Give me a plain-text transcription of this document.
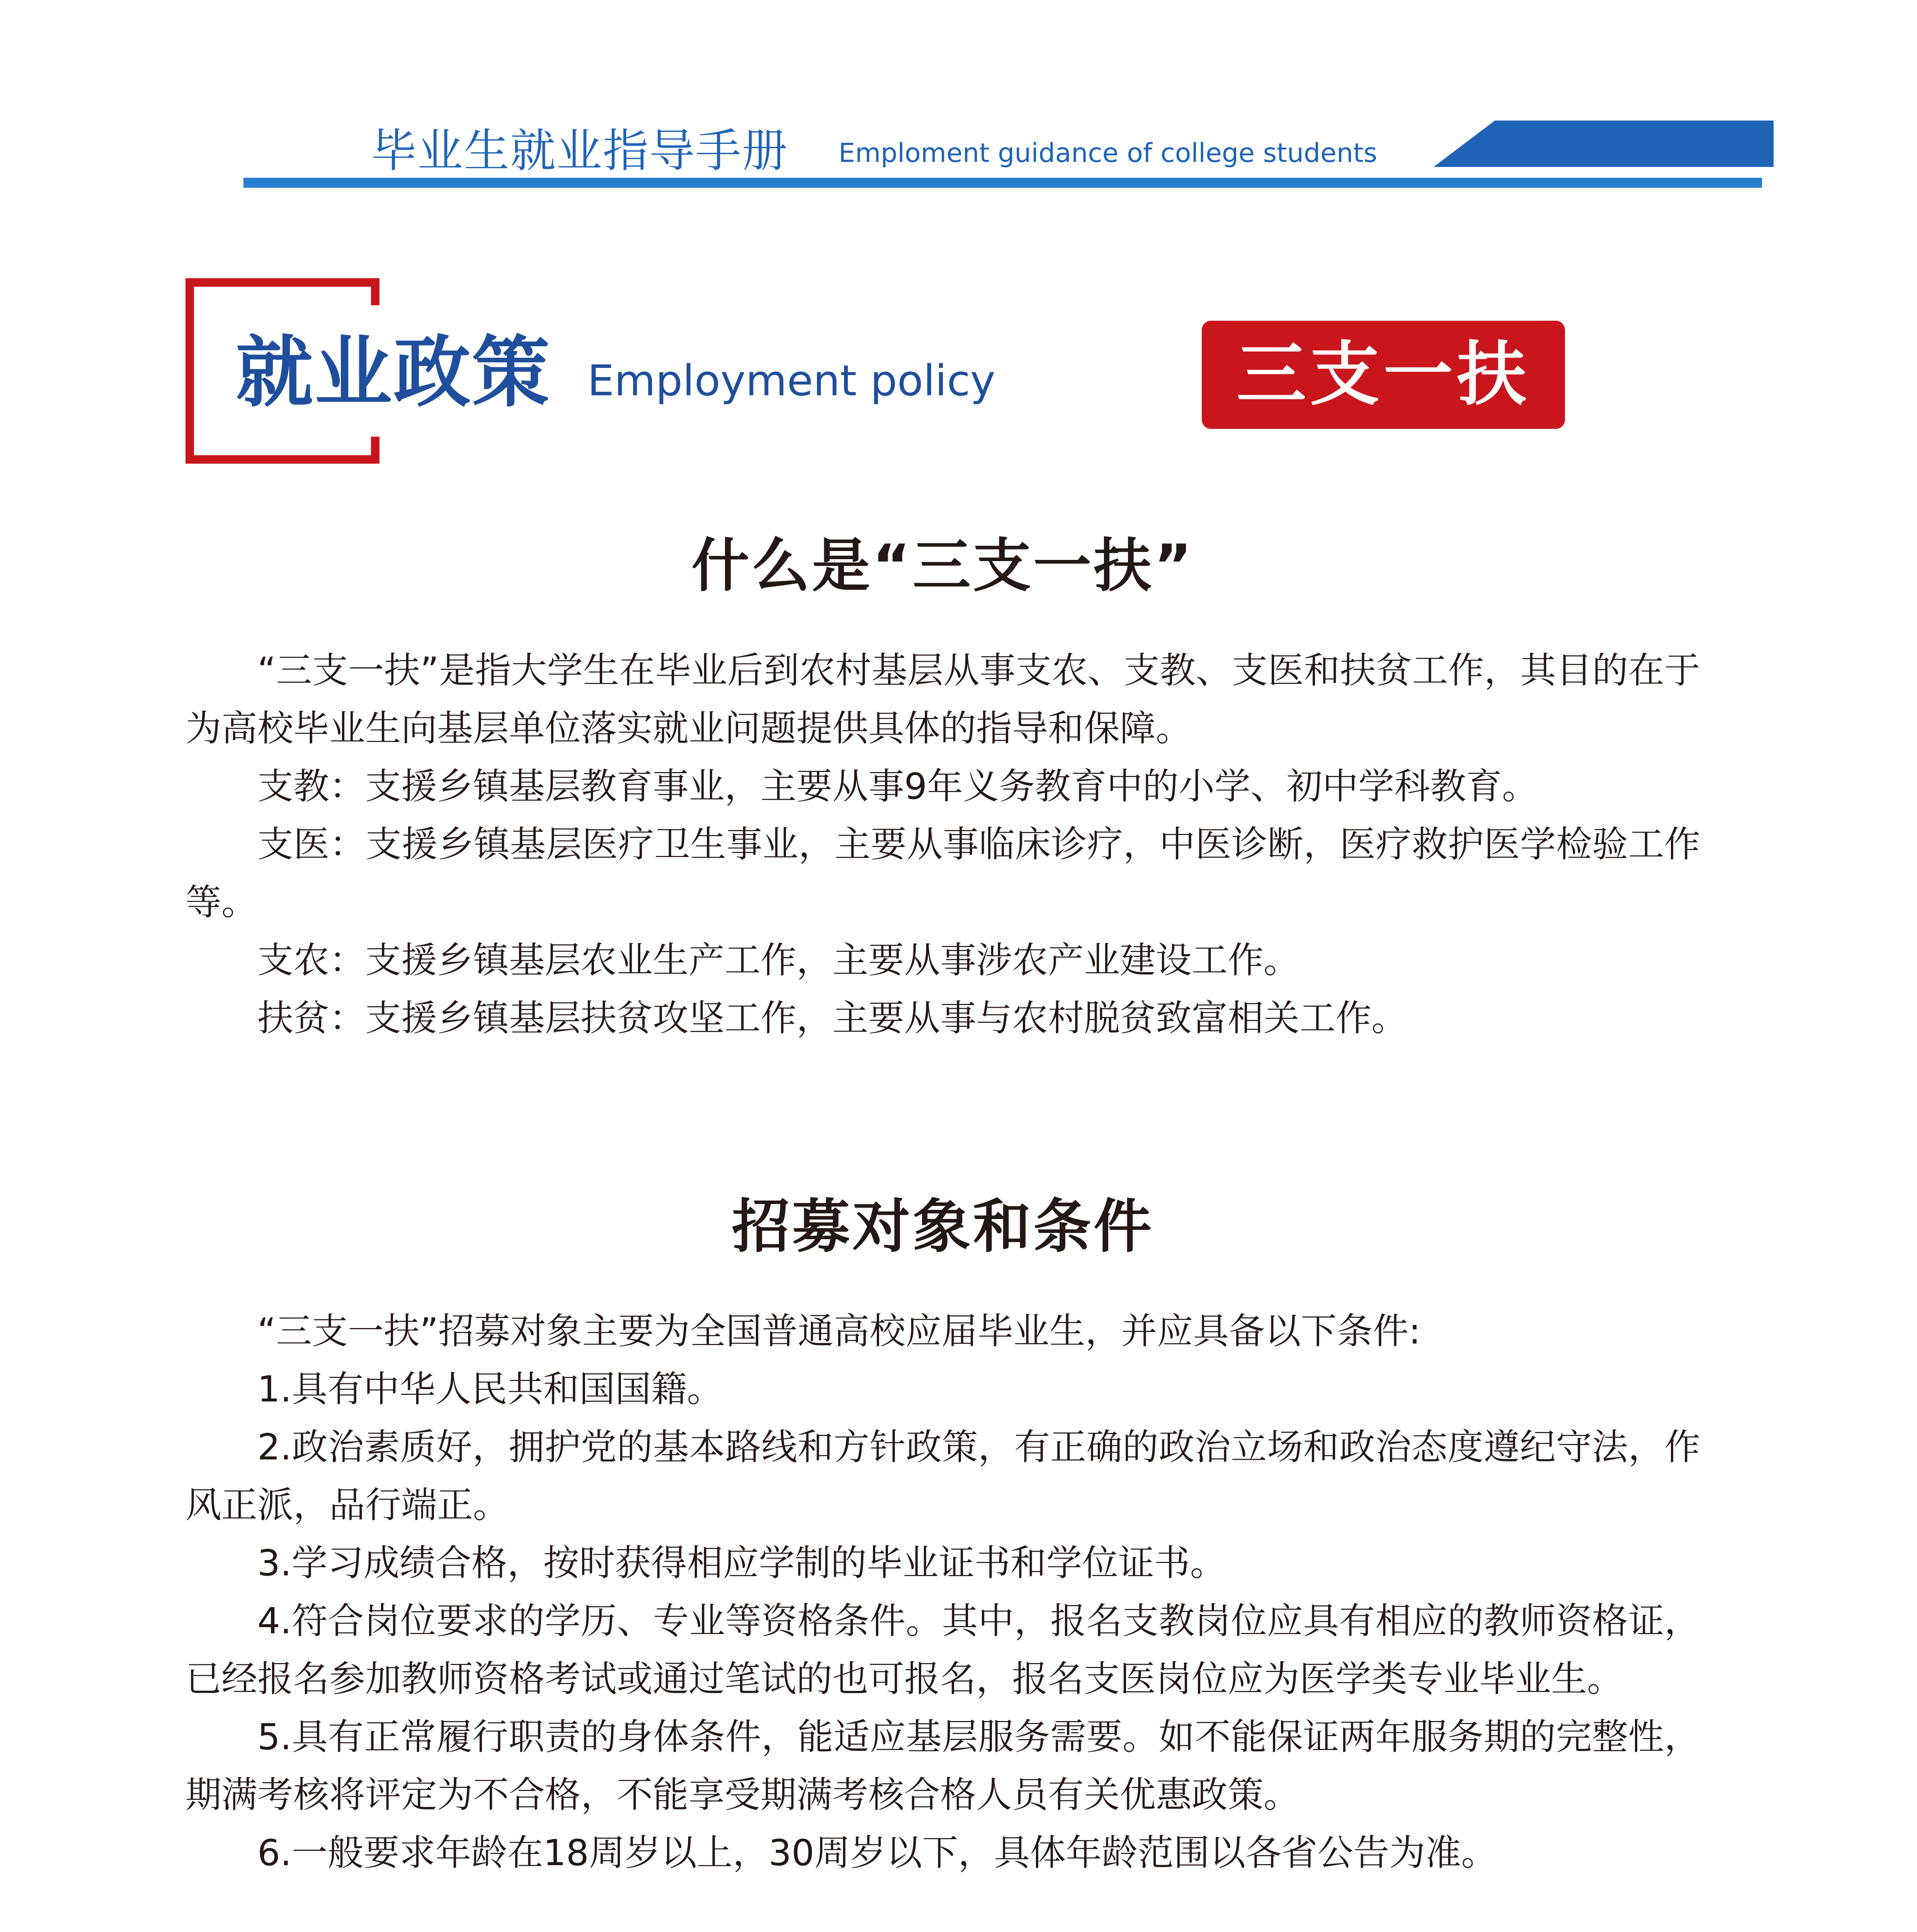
毕业生就业指导手册 Emploment guidance of college students
就业政策 Employment policy	三支一扶
什么是“三支一扶”

“三支一扶”是指大学生在毕业后到农村基层从事支农、支教、支医和扶贫工作，其目的在于为高校毕业生向基层单位落实就业问题提供具体的指导和保障。

支教：支援乡镇基层教育事业，主要从事9年义务教育中的小学、初中学科教育。

支医：支援乡镇基层医疗卫生事业，主要从事临床诊疗，中医诊断，医疗救护医学检验工作等。

支农：支援乡镇基层农业生产工作，主要从事涉农产业建设工作。

扶贫：支援乡镇基层扶贫攻坚工作，主要从事与农村脱贫致富相关工作。

招募对象和条件

“三支一扶”招募对象主要为全国普通高校应届毕业生，并应具备以下条件:

1.具有中华人民共和国国籍。

2.政治素质好，拥护党的基本路线和方针政策，有正确的政治立场和政治态度遵纪守法，作风正派，品行端正。

3.学习成绩合格，按时获得相应学制的毕业证书和学位证书。

4.符合岗位要求的学历、专业等资格条件。其中，报名支教岗位应具有相应的教师资格证，已经报名参加教师资格考试或通过笔试的也可报名，报名支医岗位应为医学类专业毕业生。

5.具有正常履行职责的身体条件，能适应基层服务需要。如不能保证两年服务期的完整性，期满考核将评定为不合格，不能享受期满考核合格人员有关优惠政策。

6.一般要求年龄在18周岁以上，30周岁以下，具体年龄范围以各省公告为准。
